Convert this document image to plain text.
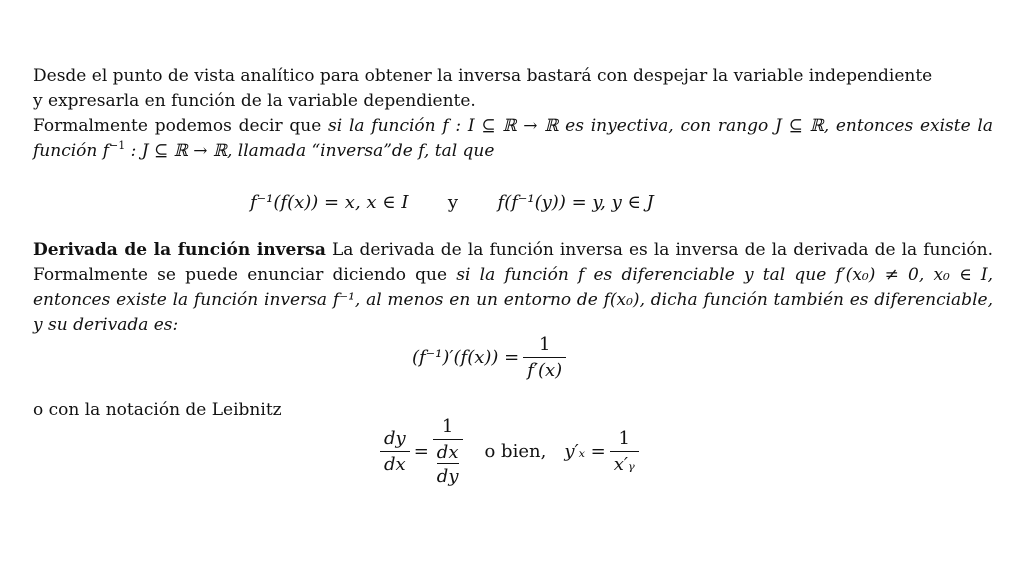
Desde el punto de vista analítico para obtener la inversa bastará con despejar la variable independiente
y expresarla en función de la variable dependiente.
Formalmente podemos decir que si la función f : I ⊆ ℝ → ℝ es inyectiva, con rango J ⊆ ℝ, entonces existe la función $f^{-1}$ : J ⊆ ℝ → ℝ, llamada “inversa”de f, tal que

f⁻¹(f(x)) = x, x ∈ I y f(f⁻¹(y)) = y, y ∈ J

Derivada de la función inversa La derivada de la función inversa es la inversa de la derivada de la función. Formalmente se puede enunciar diciendo que si la función f es diferenciable y tal que f′(x₀) ≠ 0, x₀ ∈ I, entonces existe la función inversa f⁻¹, al menos en un entorno de f(x₀), dicha función también es diferenciable, y su derivada es:

$(f^{-1})'(f(x)) = \frac{1}{f'(x)}$
o con la notación de Leibnitz
$\frac{dy}{dx} = \frac{1}{\frac{dx}{dy}}$ o bien, $y'_x = \frac{1}{\text{x′ᵧ}}$
